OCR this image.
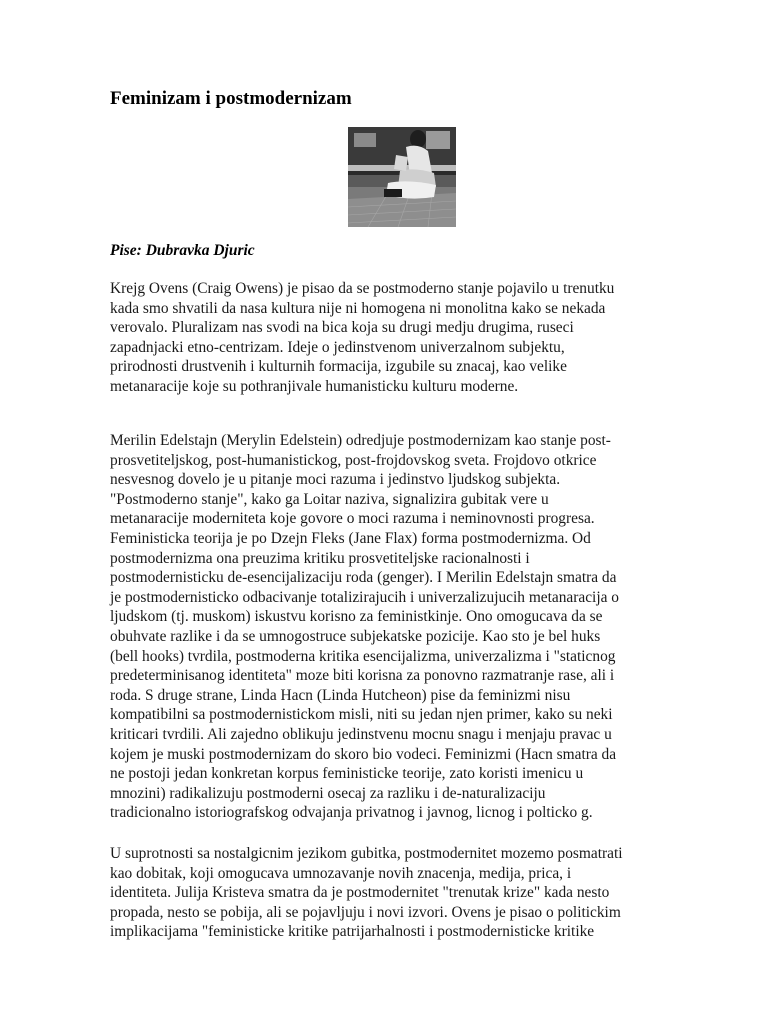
Feminizam i postmodernizam

Pise: Dubravka Djuric

Krejg Ovens (Craig Owens) je pisao da se postmoderno stanje pojavilo u trenutku
kada smo shvatili da nasa kultura nije ni homogena ni monolitna kako se nekada
verovalo. Pluralizam nas svodi na bica koja su drugi medju drugima, ruseci
zapadnjacki etno-centrizam. Ideje o jedinstvenom univerzalnom subjektu,
prirodnosti drustvenih i kulturnih formacija, izgubile su znacaj, kao velike
metanaracije koje su pothranjivale humanisticku kulturu moderne.
Merilin Edelstajn (Merylin Edelstein) odredjuje postmodernizam kao stanje post-
prosvetiteljskog, post-humanistickog, post-frojdovskog sveta. Frojdovo otkrice
nesvesnog dovelo je u pitanje moci razuma i jedinstvo ljudskog subjekta.
"Postmoderno stanje", kako ga Loitar naziva, signalizira gubitak vere u
metanaracije moderniteta koje govore o moci razuma i neminovnosti progresa.
Feministicka teorija je po Dzejn Fleks (Jane Flax) forma postmodernizma. Od
postmodernizma ona preuzima kritiku prosvetiteljske racionalnosti i
postmodernisticku de-esencijalizaciju roda (genger). I Merilin Edelstajn smatra da
je postmodernisticko odbacivanje totalizirajucih i univerzalizujucih metanaracija o
ljudskom (tj. muskom) iskustvu korisno za feministkinje. Ono omogucava da se
obuhvate razlike i da se umnogostruce subjekatske pozicije. Kao sto je bel huks
(bell hooks) tvrdila, postmoderna kritika esencijalizma, univerzalizma i "staticnog
predeterminisanog identiteta" moze biti korisna za ponovno razmatranje rase, ali i
roda. S druge strane, Linda Hacn (Linda Hutcheon) pise da feminizmi nisu
kompatibilni sa postmodernistickom misli, niti su jedan njen primer, kako su neki
kriticari tvrdili. Ali zajedno oblikuju jedinstvenu mocnu snagu i menjaju pravac u
kojem je muski postmodernizam do skoro bio vodeci. Feminizmi (Hacn smatra da
ne postoji jedan konkretan korpus feministicke teorije, zato koristi imenicu u
mnozini) radikalizuju postmoderni osecaj za razliku i de-naturalizaciju
tradicionalno istoriografskog odvajanja privatnog i javnog, licnog i polticko g.
U suprotnosti sa nostalgicnim jezikom gubitka, postmodernitet mozemo posmatrati
kao dobitak, koji omogucava umnozavanje novih znacenja, medija, prica, i
identiteta. Julija Kristeva smatra da je postmodernitet "trenutak krize" kada nesto
propada, nesto se pobija, ali se pojavljuju i novi izvori. Ovens je pisao o politickim
implikacijama "feministicke kritike patrijarhalnosti i postmodernisticke kritike
